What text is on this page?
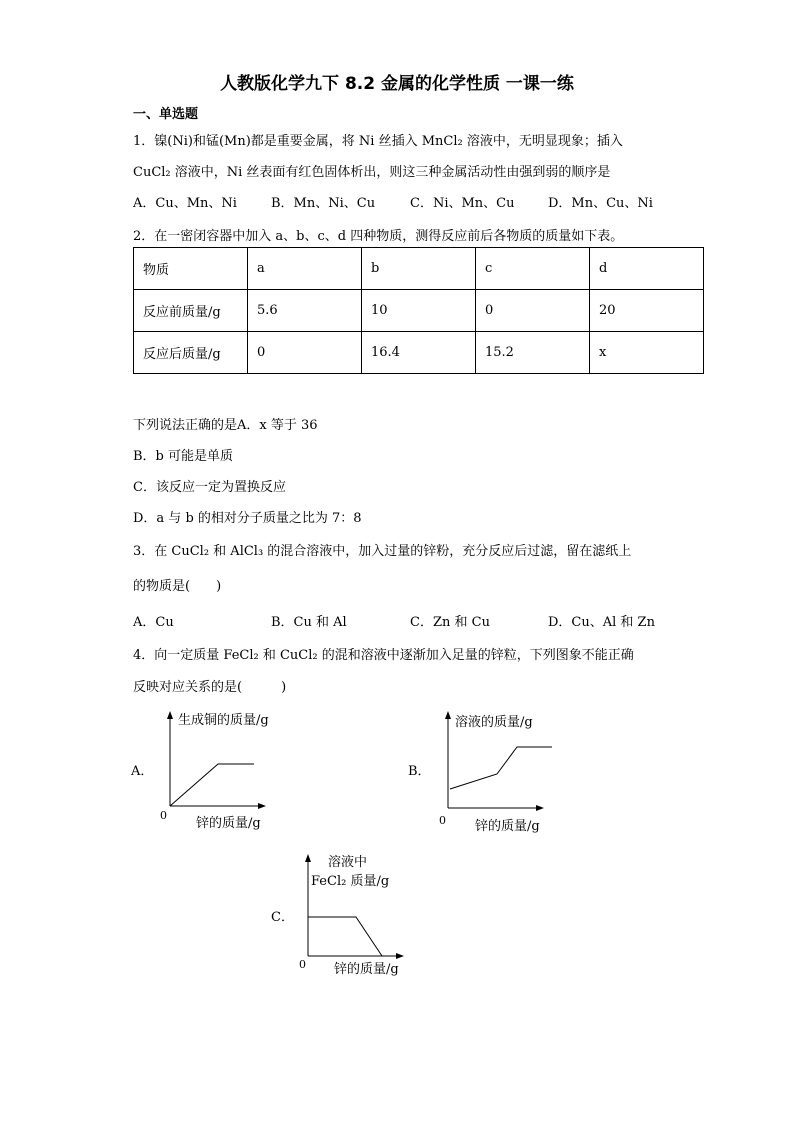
人教版化学九下 8.2 金属的化学性质 一课一练
一、单选题
1．镍(Ni)和锰(Mn)都是重要金属，将 Ni 丝插入 MnCl₂ 溶液中，无明显现象；插入
CuCl₂ 溶液中，Ni 丝表面有红色固体析出，则这三种金属活动性由强到弱的顺序是
A．Cu、Mn、Ni	B．Mn、Ni、Cu	C．Ni、Mn、Cu	D．Mn、Cu、Ni
2．在一密闭容器中加入 a、b、c、d 四种物质，测得反应前后各物质的质量如下表。
物质	a	b	c	d
反应前质量/g	5.6	10	0	20
反应后质量/g	0	16.4	15.2	x
下列说法正确的是A．x 等于 36
B．b 可能是单质
C．该反应一定为置换反应
D．a 与 b 的相对分子质量之比为 7：8
3．在 CuCl₂ 和 AlCl₃ 的混合溶液中，加入过量的锌粉，充分反应后过滤，留在滤纸上
的物质是(　　)
A．Cu	B．Cu 和 Al	C．Zn 和 Cu	D．Cu、Al 和 Zn
4．向一定质量 FeCl₂ 和 CuCl₂ 的混和溶液中逐渐加入足量的锌粒，下列图象不能正确
反映对应关系的是(　　　)
A．
生成铜的质量/g
0
锌的质量/g
B．
溶液的质量/g
0 锌的质量/g
C．
溶液中
FeCl₂ 质量/g
0 锌的质量/g
